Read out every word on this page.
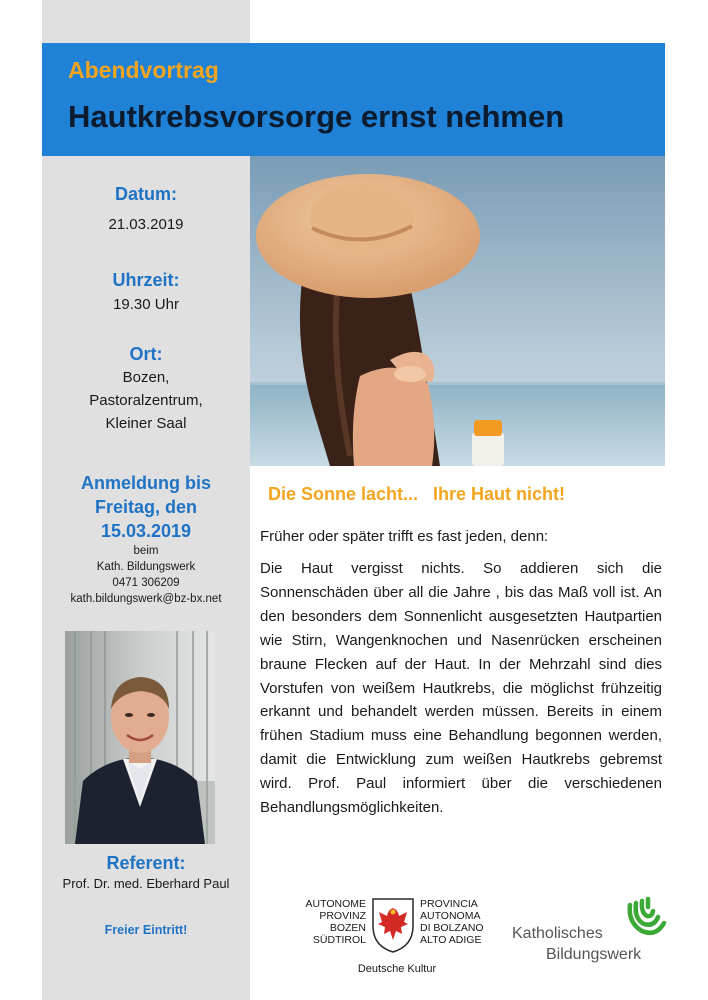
Abendvortrag
Hautkrebsvorsorge ernst nehmen
Datum:
21.03.2019
Uhrzeit:
19.30 Uhr
Ort:
Bozen,
Pastoralzentrum,
Kleiner Saal
Anmeldung bis
Freitag, den
15.03.2019
beim
Kath. Bildungswerk
0471 306209
kath.bildungswerk@bz-bx.net
Referent:
Prof. Dr. med. Eberhard Paul
Freier Eintritt!
Die Sonne lacht...   Ihre Haut nicht!
Früher oder später trifft es fast jeden, denn:
Die Haut vergisst nichts. So addieren sich die Sonnenschäden über all die Jahre , bis das Maß voll ist. An den besonders dem Sonnenlicht ausgesetzten Hautpartien wie Stirn, Wangenknochen und Nasenrücken erscheinen braune Flecken auf der Haut. In der Mehrzahl sind dies Vorstufen von weißem Hautkrebs, die möglichst frühzeitig erkannt und behandelt werden müssen. Bereits in einem frühen Stadium muss eine Behandlung begonnen werden, damit die Entwicklung zum weißen Hautkrebs gebremst wird. Prof. Paul informiert über die verschiedenen Behandlungsmöglichkeiten.
AUTONOME
PROVINZ
BOZEN
SÜDTIROL
PROVINCIA
AUTONOMA
DI BOLZANO
ALTO ADIGE
Deutsche Kultur
Katholisches
Bildungswerk
